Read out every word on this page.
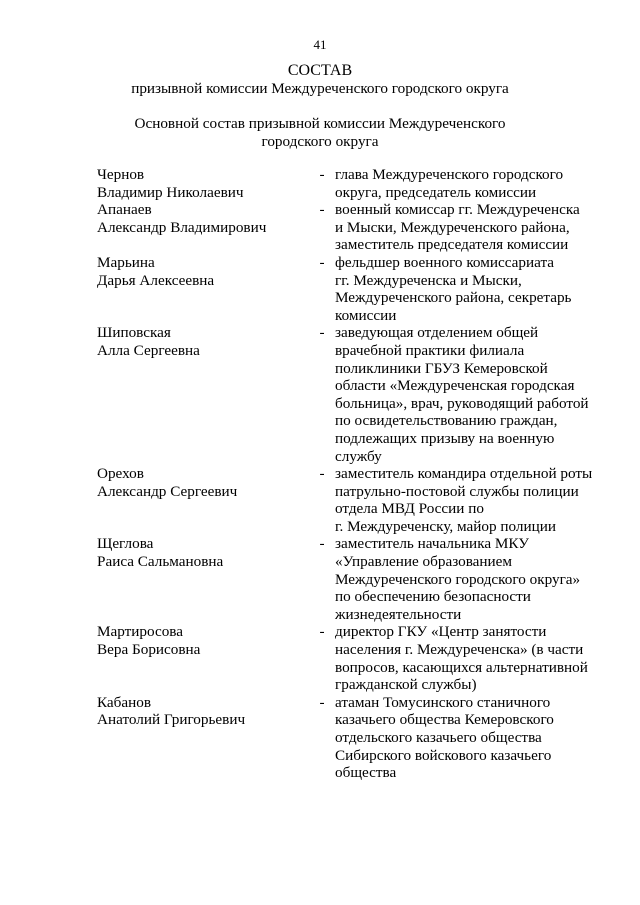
41
СОСТАВ
призывной комиссии Междуреченского городского округа
Основной состав призывной комиссии Междуреченского
городского округа
Чернов
Владимир Николаевич
- глава Междуреченского городского
округа, председатель комиссии
Апанаев
Александр Владимирович
- военный комиссар гг. Междуреченска
и Мыски, Междуреченского района,
заместитель председателя комиссии
Марьина
Дарья Алексеевна
- фельдшер военного комиссариата
гг. Междуреченска и Мыски,
Междуреченского района, секретарь
комиссии
Шиповская
Алла Сергеевна
- заведующая отделением общей
врачебной практики филиала
поликлиники ГБУЗ Кемеровской
области «Междуреченская городская
больница», врач, руководящий работой
по освидетельствованию граждан,
подлежащих призыву на военную
службу
Орехов
Александр Сергеевич
- заместитель командира отдельной роты
патрульно-постовой службы полиции
отдела МВД России по
г. Междуреченску, майор полиции
Щеглова
Раиса Сальмановна
- заместитель начальника МКУ
«Управление образованием
Междуреченского городского округа»
по обеспечению безопасности
жизнедеятельности
Мартиросова
Вера Борисовна
- директор ГКУ «Центр занятости
населения г. Междуреченска» (в части
вопросов, касающихся альтернативной
гражданской службы)
Кабанов
Анатолий Григорьевич
- атаман Томусинского станичного
казачьего общества Кемеровского
отдельского казачьего общества
Сибирского войскового казачьего
общества
